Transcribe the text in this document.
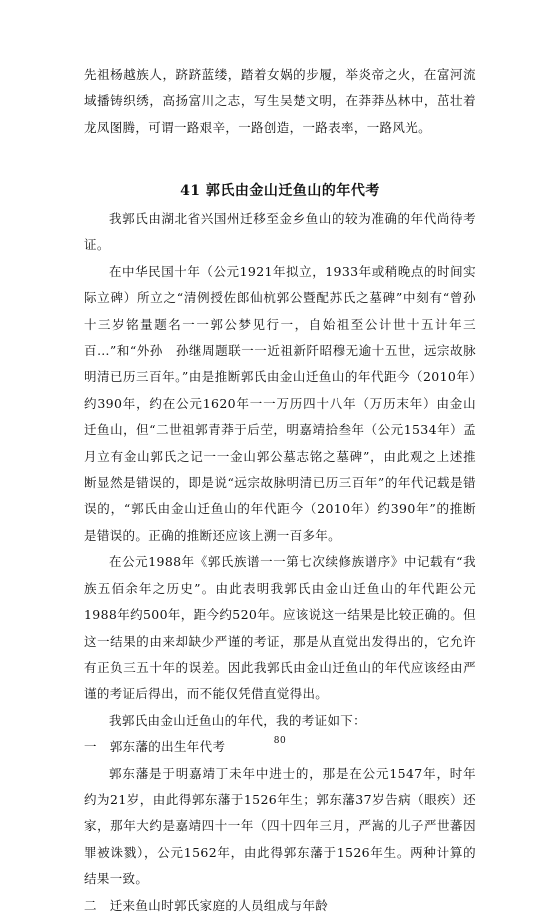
先祖杨越族人，跻跻蓝缕，踏着女娲的步履，举炎帝之火，在富河流域播铸织绣，高扬富川之志，写生吴楚文明，在莽莽丛林中，茁壮着龙凤图腾，可谓一路艰辛，一路创造，一路表率，一路风光。

41 郭氏由金山迁鱼山的年代考

我郭氏由湖北省兴国州迁移至金乡鱼山的较为准确的年代尚待考证。

在中华民国十年（公元1921年拟立，1933年或稍晚点的时间实际立碑）所立之“清例授佐郎仙杭郭公暨配苏氏之墓碑”中刻有“曾孙　十三岁铭量题名一一郭公梦见行一，自始祖至公计世十五计年三百…”和“外孙　孙继周题联一一近祖新阡昭穆无逾十五世，远宗故脉明清已历三百年。”由是推断郭氏由金山迁鱼山的年代距今（2010年）约390年，约在公元1620年一一万历四十八年（万历末年）由金山迁鱼山，但“二世祖郭青莽于后茔，明嘉靖拾叁年（公元1534年）孟月立有金山郭氏之记一一金山郭公墓志铭之墓碑”，由此观之上述推断显然是错误的，即是说“远宗故脉明清已历三百年”的年代记载是错误的，“郭氏由金山迁鱼山的年代距今（2010年）约390年”的推断是错误的。正确的推断还应该上溯一百多年。

在公元1988年《郭氏族谱一一第七次续修族谱序》中记载有“我族五佰余年之历史”。由此表明我郭氏由金山迁鱼山的年代距公元1988年约500年，距今约520年。应该说这一结果是比较正确的。但这一结果的由来却缺少严谨的考证，那是从直觉出发得出的，它允许有正负三五十年的误差。因此我郭氏由金山迁鱼山的年代应该经由严谨的考证后得出，而不能仅凭借直觉得出。

我郭氏由金山迁鱼山的年代，我的考证如下：

一　郭东藩的出生年代考

郭东藩是于明嘉靖丁未年中进士的，那是在公元1547年，时年约为21岁，由此得郭东藩于1526年生；郭东藩37岁告病（眼疾）还家，那年大约是嘉靖四十一年（四十四年三月，严嵩的儿子严世蕃因罪被诛戮），公元1562年，由此得郭东藩于1526年生。两种计算的结果一致。

二　迁来鱼山时郭氏家庭的人员组成与年龄

80
